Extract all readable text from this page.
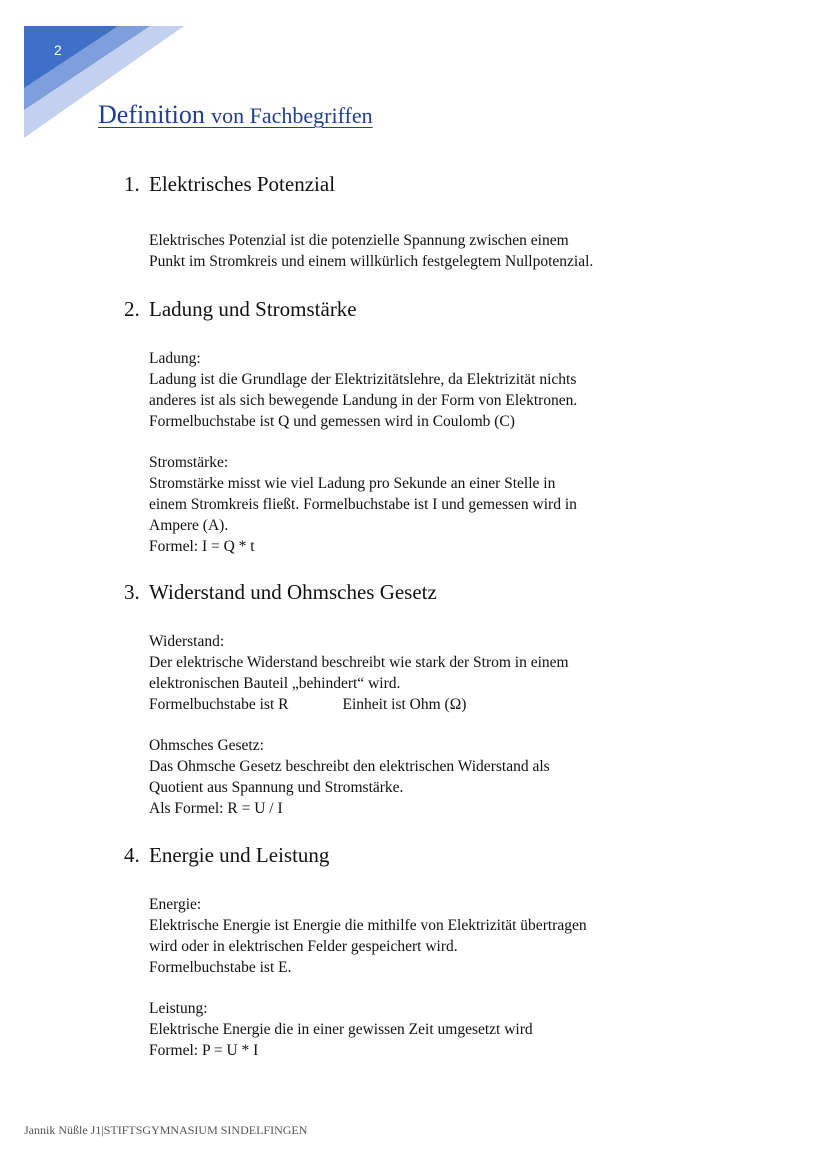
2
Definition von Fachbegriffen
1. Elektrisches Potenzial
Elektrisches Potenzial ist die potenzielle Spannung zwischen einem
Punkt im Stromkreis und einem willkürlich festgelegtem Nullpotenzial.
2. Ladung und Stromstärke
Ladung:
Ladung ist die Grundlage der Elektrizitätslehre, da Elektrizität nichts
anderes ist als sich bewegende Landung in der Form von Elektronen.
Formelbuchstabe ist Q und gemessen wird in Coulomb (C)
Stromstärke:
Stromstärke misst wie viel Ladung pro Sekunde an einer Stelle in
einem Stromkreis fließt. Formelbuchstabe ist I und gemessen wird in
Ampere (A).
Formel: I = Q * t
3. Widerstand und Ohmsches Gesetz
Widerstand:
Der elektrische Widerstand beschreibt wie stark der Strom in einem
elektronischen Bauteil „behindert“ wird.
Formelbuchstabe ist R	Einheit ist Ohm (Ω)
Ohmsches Gesetz:
Das Ohmsche Gesetz beschreibt den elektrischen Widerstand als
Quotient aus Spannung und Stromstärke.
Als Formel: R = U / I
4. Energie und Leistung
Energie:
Elektrische Energie ist Energie die mithilfe von Elektrizität übertragen
wird oder in elektrischen Felder gespeichert wird.
Formelbuchstabe ist E.
Leistung:
Elektrische Energie die in einer gewissen Zeit umgesetzt wird
Formel: P = U * I
Jannik Nüßle J1|STIFTSGYMNASIUM SINDELFINGEN
